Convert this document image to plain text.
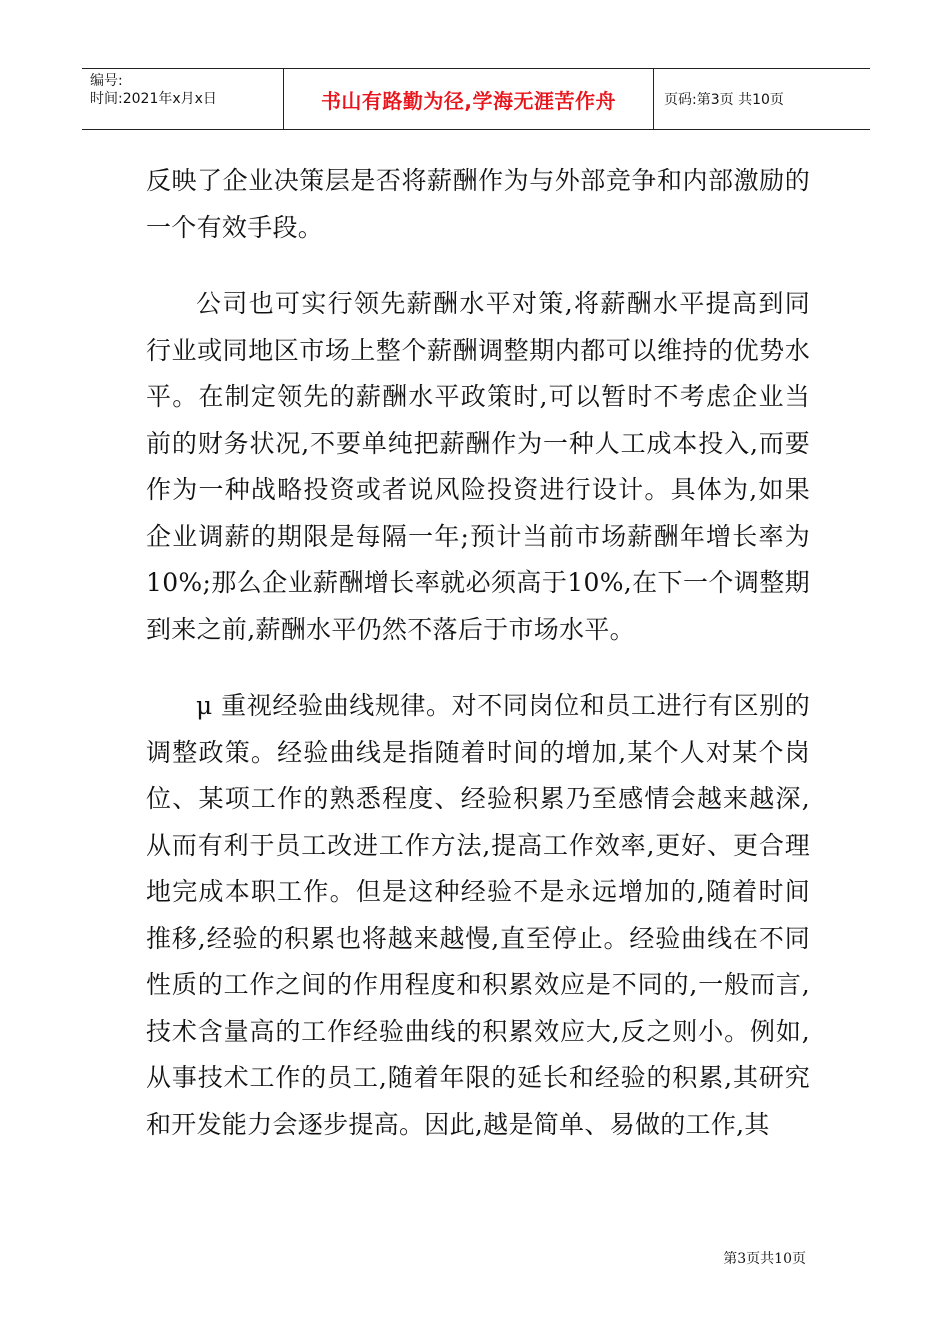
编号:
时间:2021年x月x日	书山有路勤为径,学海无涯苦作舟	页码:第3页 共10页

反映了企业决策层是否将薪酬作为与外部竞争和内部激励的一个有效手段。

公司也可实行领先薪酬水平对策,将薪酬水平提高到同行业或同地区市场上整个薪酬调整期内都可以维持的优势水平。在制定领先的薪酬水平政策时,可以暂时不考虑企业当前的财务状况,不要单纯把薪酬作为一种人工成本投入,而要作为一种战略投资或者说风险投资进行设计。具体为,如果企业调薪的期限是每隔一年;预计当前市场薪酬年增长率为10%;那么企业薪酬增长率就必须高于10%,在下一个调整期到来之前,薪酬水平仍然不落后于市场水平。

μ 重视经验曲线规律。对不同岗位和员工进行有区别的调整政策。经验曲线是指随着时间的增加,某个人对某个岗位、某项工作的熟悉程度、经验积累乃至感情会越来越深,从而有利于员工改进工作方法,提高工作效率,更好、更合理地完成本职工作。但是这种经验不是永远增加的,随着时间推移,经验的积累也将越来越慢,直至停止。经验曲线在不同性质的工作之间的作用程度和积累效应是不同的,一般而言,技术含量高的工作经验曲线的积累效应大,反之则小。例如,从事技术工作的员工,随着年限的延长和经验的积累,其研究和开发能力会逐步提高。因此,越是简单、易做的工作,其

第3页共10页
